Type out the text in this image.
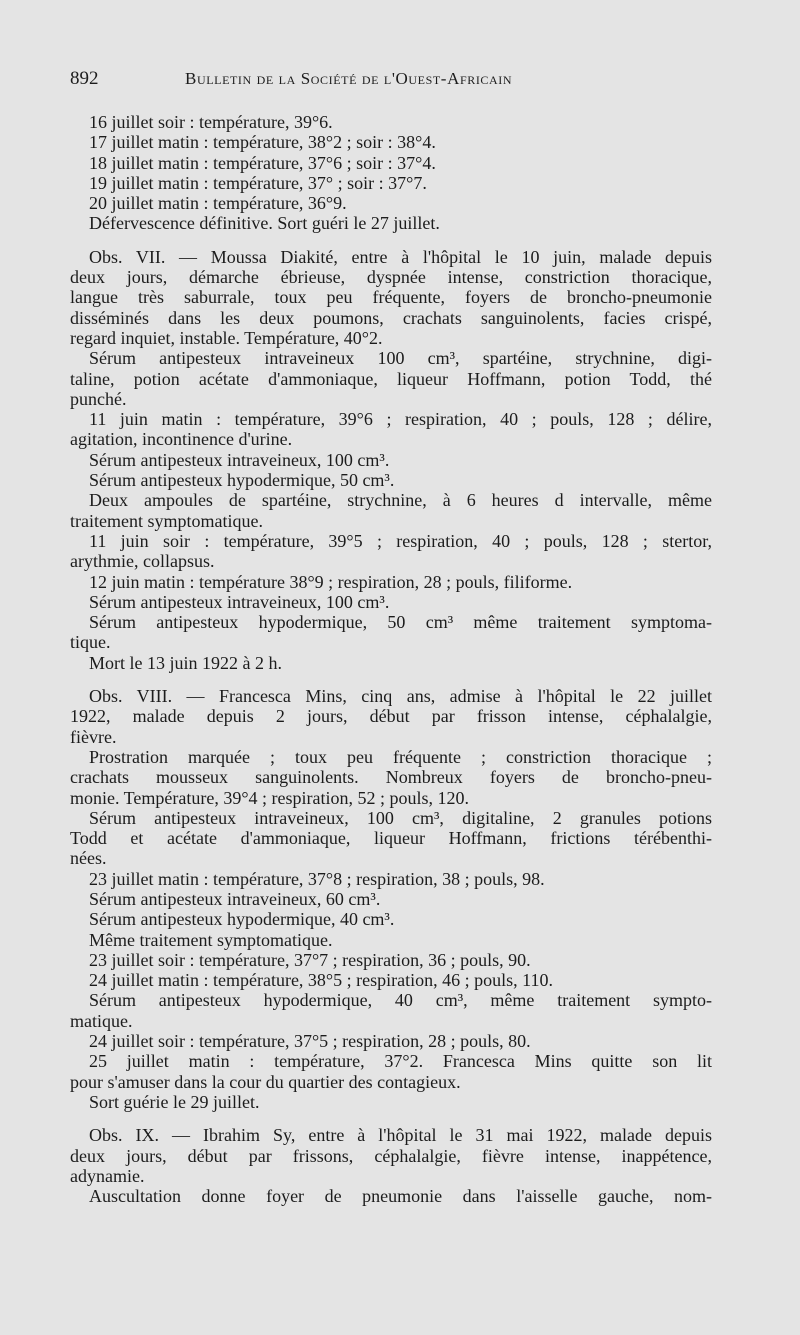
892	Bulletin de la Société de l'Ouest-Africain

16 juillet soir : température, 39°6.

17 juillet matin : température, 38°2 ; soir : 38°4.

18 juillet matin : température, 37°6 ; soir : 37°4.

19 juillet matin : température, 37° ; soir : 37°7.

20 juillet matin : température, 36°9.

Défervescence définitive. Sort guéri le 27 juillet.

Obs. VII. — Moussa Diakité, entre à l'hôpital le 10 juin, malade depuis

deux jours, démarche ébrieuse, dyspnée intense, constriction thoracique,

langue très saburrale, toux peu fréquente, foyers de broncho-pneumonie

disséminés dans les deux poumons, crachats sanguinolents, facies crispé,

regard inquiet, instable. Température, 40°2.

Sérum antipesteux intraveineux 100 cm³, spartéine, strychnine, digi-

taline, potion acétate d'ammoniaque, liqueur Hoffmann, potion Todd, thé

punché.

11 juin matin : température, 39°6 ; respiration, 40 ; pouls, 128 ; délire,

agitation, incontinence d'urine.

Sérum antipesteux intraveineux, 100 cm³.

Sérum antipesteux hypodermique, 50 cm³.

Deux ampoules de spartéine, strychnine, à 6 heures d intervalle, même

traitement symptomatique.

11 juin soir : température, 39°5 ; respiration, 40 ; pouls, 128 ; stertor,

arythmie, collapsus.

12 juin matin : température 38°9 ; respiration, 28 ; pouls, filiforme.

Sérum antipesteux intraveineux, 100 cm³.

Sérum antipesteux hypodermique, 50 cm³ même traitement symptoma-

tique.

Mort le 13 juin 1922 à 2 h.

Obs. VIII. — Francesca Mins, cinq ans, admise à l'hôpital le 22 juillet

1922, malade depuis 2 jours, début par frisson intense, céphalalgie,

fièvre.

Prostration marquée ; toux peu fréquente ; constriction thoracique ;

crachats mousseux sanguinolents. Nombreux foyers de broncho-pneu-

monie. Température, 39°4 ; respiration, 52 ; pouls, 120.

Sérum antipesteux intraveineux, 100 cm³, digitaline, 2 granules potions

Todd et acétate d'ammoniaque, liqueur Hoffmann, frictions térébenthi-

nées.

23 juillet matin : température, 37°8 ; respiration, 38 ; pouls, 98.

Sérum antipesteux intraveineux, 60 cm³.

Sérum antipesteux hypodermique, 40 cm³.

Même traitement symptomatique.

23 juillet soir : température, 37°7 ; respiration, 36 ; pouls, 90.

24 juillet matin : température, 38°5 ; respiration, 46 ; pouls, 110.

Sérum antipesteux hypodermique, 40 cm³, même traitement sympto-

matique.

24 juillet soir : température, 37°5 ; respiration, 28 ; pouls, 80.

25 juillet matin : température, 37°2. Francesca Mins quitte son lit

pour s'amuser dans la cour du quartier des contagieux.

Sort guérie le 29 juillet.

Obs. IX. — Ibrahim Sy, entre à l'hôpital le 31 mai 1922, malade depuis

deux jours, début par frissons, céphalalgie, fièvre intense, inappétence,

adynamie.

Auscultation donne foyer de pneumonie dans l'aisselle gauche, nom-
